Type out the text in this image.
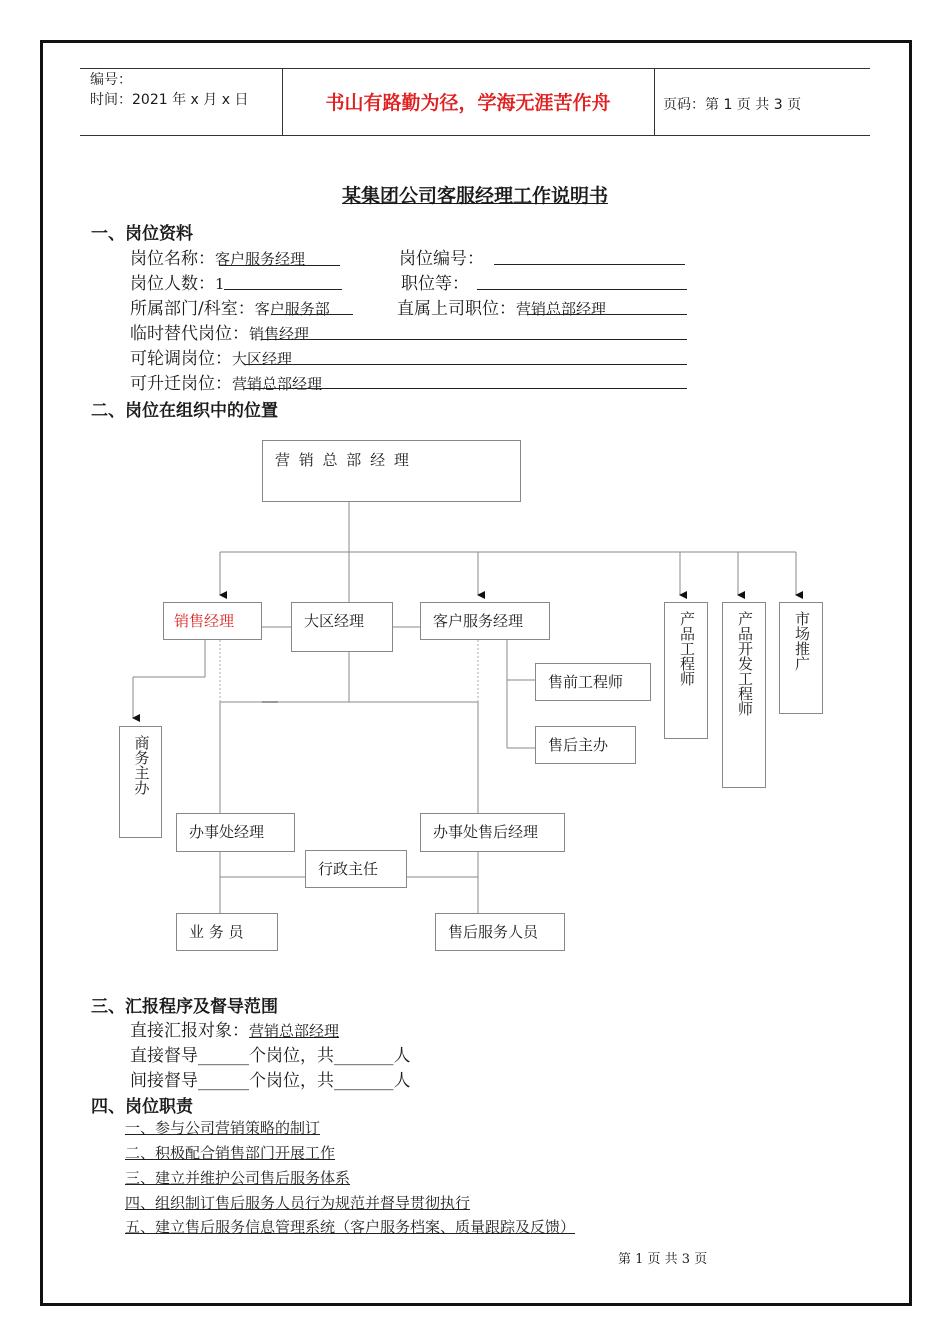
编号：
时间：2021 年 x 月 x 日	书山有路勤为径，学海无涯苦作舟	页码：第 1 页 共 3 页
某集团公司客服经理工作说明书
一、岗位资料
岗位名称：客户服务经理	岗位编号：
岗位人数：1	职位等：
所属部门/科室：客户服务部	直属上司职位：营销总部经理
临时替代岗位：销售经理
可轮调岗位：大区经理
可升迁岗位：营销总部经理
二、岗位在组织中的位置
营 销 总 部 经 理
销售经理	大区经理	客户服务经理	产品工程师	产品开发工程师	市场推广
售前工程师
售后主办
商务主办
办事处经理	办事处售后经理
行政主任
业 务 员	售后服务人员
三、汇报程序及督导范围
直接汇报对象：营销总部经理
直接督导______个岗位，共_______人
间接督导______个岗位，共_______人
四、岗位职责
一、参与公司营销策略的制订
二、积极配合销售部门开展工作
三、建立并维护公司售后服务体系
四、组织制订售后服务人员行为规范并督导贯彻执行
五、建立售后服务信息管理系统（客户服务档案、质量跟踪及反馈）
第 1 页 共 3 页
